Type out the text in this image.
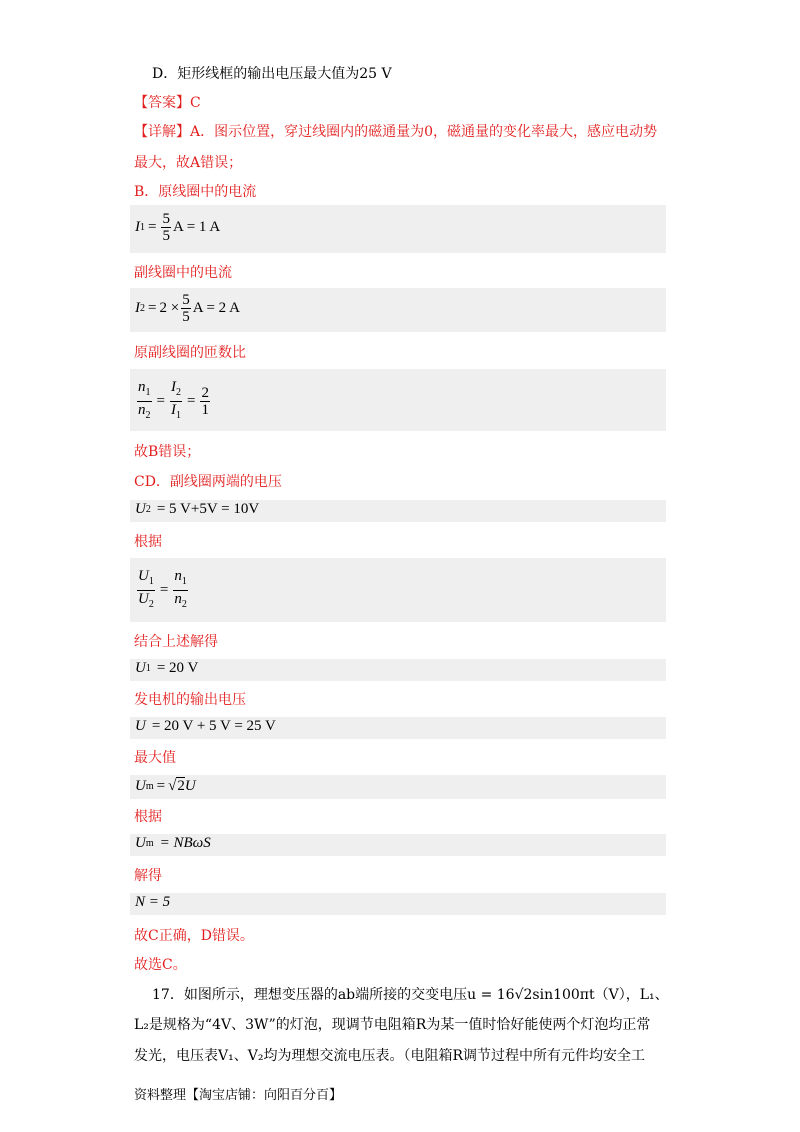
D．矩形线框的输出电压最大值为25 V
【答案】C
【详解】A．图示位置，穿过线圈内的磁通量为0，磁通量的变化率最大，感应电动势
最大，故A错误；
B．原线圈中的电流
I $1 = \frac{5}{5}$ A = 1 A
副线圈中的电流
I $2 = 2 \times \frac{5}{5}$ A = 2 A
原副线圈的匝数比
$\frac{n_1}{n_2} = \frac{I_2}{I_1} = \frac{2}{1}$
故B错误；
CD．副线圈两端的电压
U 2 = 5 V+5V = 10V
根据
$\frac{U_1}{U_2} = \frac{n_1}{n_2}$
结合上述解得
U 1 = 20 V
发电机的输出电压
U = 20 V + 5 V = 25 V
最大值
U m = √ 2 U
根据
U m = NBωS
解得
N = 5
故C正确，D错误。
故选C。
17．如图所示，理想变压器的ab端所接的交变电压u = 16√2sin100πt（V），L₁、
L₂是规格为“4V、3W”的灯泡，现调节电阻箱R为某一值时恰好能使两个灯泡均正常
发光，电压表V₁、V₂均为理想交流电压表。（电阻箱R调节过程中所有元件均安全工
资料整理【淘宝店铺：向阳百分百】
